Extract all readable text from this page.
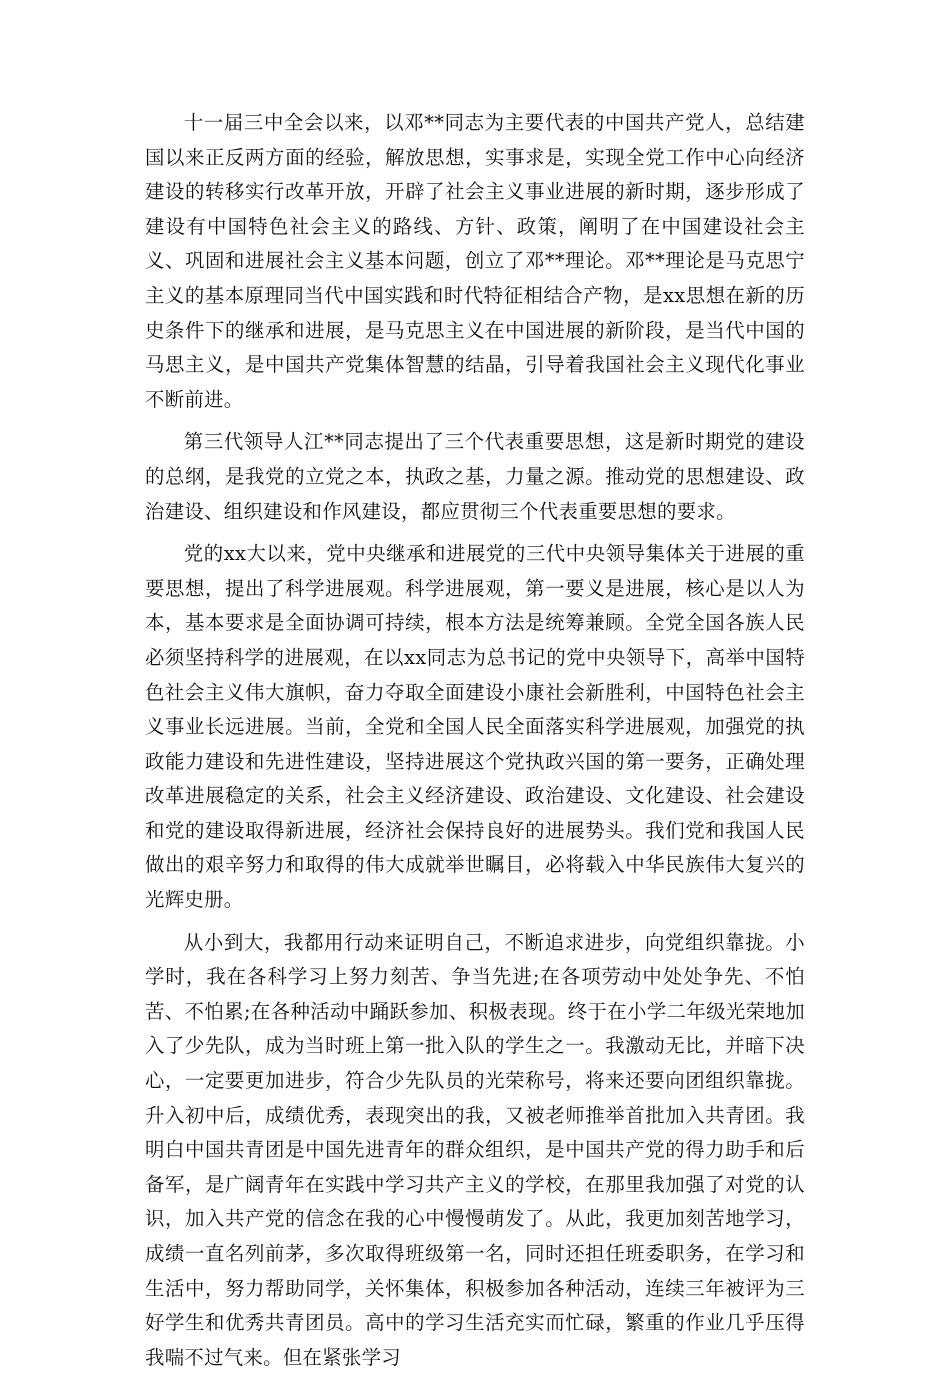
十一届三中全会以来，以邓**同志为主要代表的中国共产党人，总结建国以来正反两方面的经验，解放思想，实事求是，实现全党工作中心向经济建设的转移实行改革开放，开辟了社会主义事业进展的新时期，逐步形成了建设有中国特色社会主义的路线、方针、政策，阐明了在中国建设社会主义、巩固和进展社会主义基本问题，创立了邓**理论。邓**理论是马克思宁主义的基本原理同当代中国实践和时代特征相结合产物，是xx思想在新的历史条件下的继承和进展，是马克思主义在中国进展的新阶段，是当代中国的马思主义，是中国共产党集体智慧的结晶，引导着我国社会主义现代化事业不断前进。

第三代领导人江**同志提出了三个代表重要思想，这是新时期党的建设的总纲，是我党的立党之本，执政之基，力量之源。推动党的思想建设、政治建设、组织建设和作风建设，都应贯彻三个代表重要思想的要求。

党的xx大以来，党中央继承和进展党的三代中央领导集体关于进展的重要思想，提出了科学进展观。科学进展观，第一要义是进展，核心是以人为本，基本要求是全面协调可持续，根本方法是统筹兼顾。全党全国各族人民必须坚持科学的进展观，在以xx同志为总书记的党中央领导下，高举中国特色社会主义伟大旗帜，奋力夺取全面建设小康社会新胜利，中国特色社会主义事业长远进展。当前，全党和全国人民全面落实科学进展观，加强党的执政能力建设和先进性建设，坚持进展这个党执政兴国的第一要务，正确处理改革进展稳定的关系，社会主义经济建设、政治建设、文化建设、社会建设和党的建设取得新进展，经济社会保持良好的进展势头。我们党和我国人民做出的艰辛努力和取得的伟大成就举世瞩目，必将载入中华民族伟大复兴的光辉史册。

从小到大，我都用行动来证明自己，不断追求进步，向党组织靠拢。小学时，我在各科学习上努力刻苦、争当先进;在各项劳动中处处争先、不怕苦、不怕累;在各种活动中踊跃参加、积极表现。终于在小学二年级光荣地加入了少先队，成为当时班上第一批入队的学生之一。我激动无比，并暗下决心，一定要更加进步，符合少先队员的光荣称号，将来还要向团组织靠拢。升入初中后，成绩优秀，表现突出的我，又被老师推举首批加入共青团。我明白中国共青团是中国先进青年的群众组织，是中国共产党的得力助手和后备军，是广阔青年在实践中学习共产主义的学校，在那里我加强了对党的认识，加入共产党的信念在我的心中慢慢萌发了。从此，我更加刻苦地学习，成绩一直名列前茅，多次取得班级第一名，同时还担任班委职务，在学习和生活中，努力帮助同学，关怀集体，积极参加各种活动，连续三年被评为三好学生和优秀共青团员。高中的学习生活充实而忙碌，繁重的作业几乎压得我喘不过气来。但在紧张学习
